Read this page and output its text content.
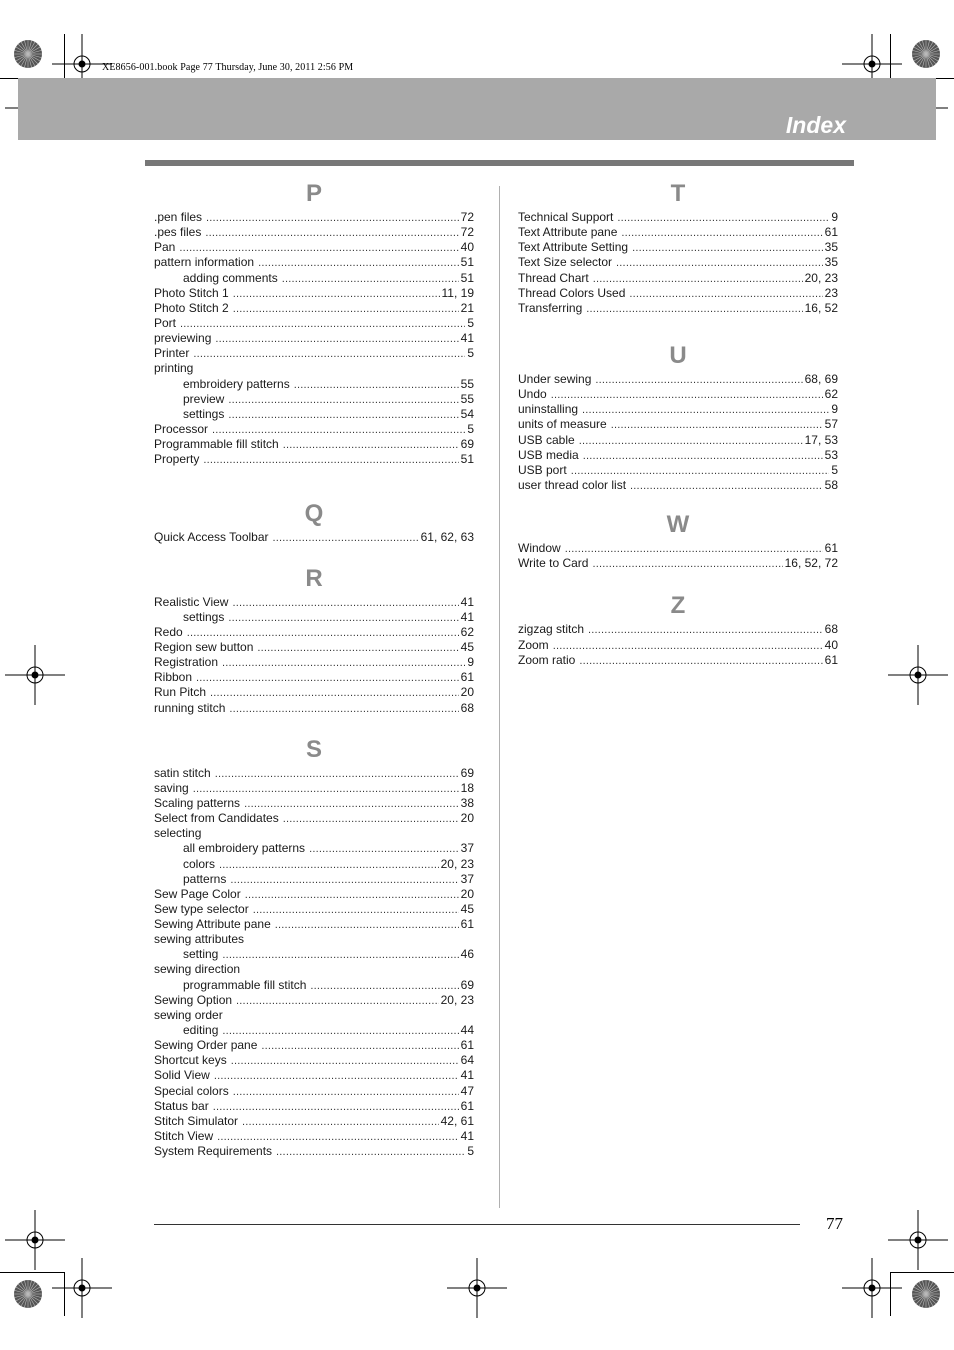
XE8656-001.book Page 77 Thursday, June 30, 2011 2:56 PM
Index
P
.pen files .....	72
.pes files .....	72
Pan .....	40
pattern information .....	51
adding comments .....	51
Photo Stitch 1 .....	11, 19
Photo Stitch 2 .....	21
Port .....	5
previewing .....	41
Printer .....	5
printing
embroidery patterns .....	55
preview .....	55
settings .....	54
Processor .....	5
Programmable fill stitch .....	69
Property .....	51
Q
Quick Access Toolbar .....	61, 62, 63
R
Realistic View .....	41
settings .....	41
Redo .....	62
Region sew button .....	45
Registration .....	9
Ribbon .....	61
Run Pitch .....	20
running stitch .....	68
S
satin stitch .....	69
saving .....	18
Scaling patterns .....	38
Select from Candidates .....	20
selecting
all embroidery patterns .....	37
colors .....	20, 23
patterns .....	37
Sew Page Color .....	20
Sew type selector .....	45
Sewing Attribute pane .....	61
sewing attributes
setting .....	46
sewing direction
programmable fill stitch .....	69
Sewing Option .....	20, 23
sewing order
editing .....	44
Sewing Order pane .....	61
Shortcut keys .....	64
Solid View .....	41
Special colors .....	47
Status bar .....	61
Stitch Simulator .....	42, 61
Stitch View .....	41
System Requirements .....	5
T
Technical Support .....	9
Text Attribute pane .....	61
Text Attribute Setting .....	35
Text Size selector .....	35
Thread Chart .....	20, 23
Thread Colors Used .....	23
Transferring .....	16, 52
U
Under sewing .....	68, 69
Undo .....	62
uninstalling .....	9
units of measure .....	57
USB cable .....	17, 53
USB media .....	53
USB port .....	5
user thread color list .....	58
W
Window .....	61
Write to Card .....	16, 52, 72
Z
zigzag stitch .....	68
Zoom .....	40
Zoom ratio .....	61
77
